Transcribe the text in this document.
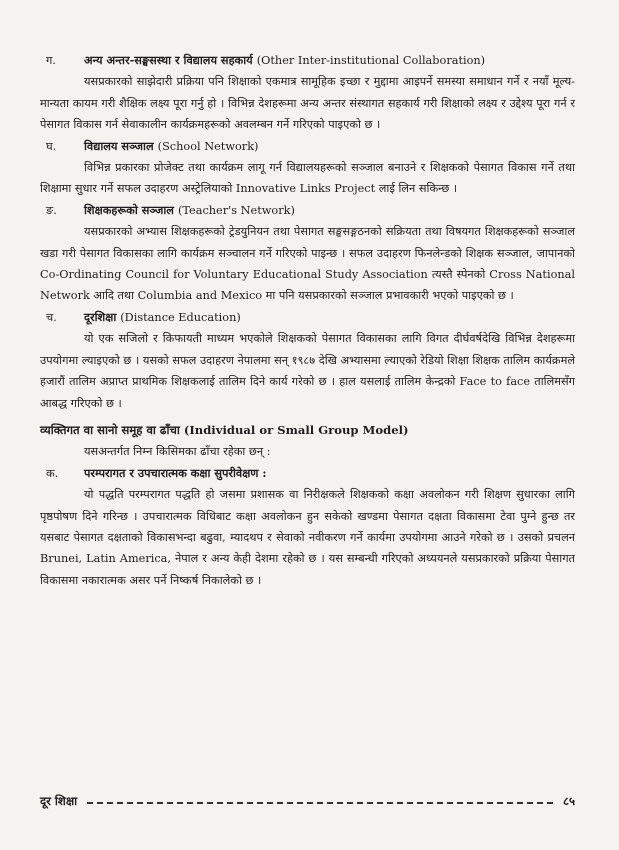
ग.	अन्य अन्तर-सङ्घसस्था र विद्यालय सहकार्य (Other Inter-institutional Collaboration)

यसप्रकारको साझेदारी प्रक्रिया पनि शिक्षाको एकमात्र सामूहिक इच्छा र मुद्दामा आइपर्ने समस्या समाधान गर्ने र नयाँ मूल्य-मान्यता कायम गरी शैक्षिक लक्ष्य पूरा गर्नु हो । विभिन्न देशहरूमा अन्य अन्तर संस्थागत सहकार्य गरी शिक्षाको लक्ष्य र उद्देश्य पूरा गर्न र पेसागत विकास गर्न सेवाकालीन कार्यक्रमहरूको अवलम्बन गर्ने गरिएको पाइएको छ ।

घ.	विद्यालय सञ्जाल (School Network)

विभिन्न प्रकारका प्रोजेक्ट तथा कार्यक्रम लागू गर्न विद्यालयहरूको सञ्जाल बनाउने र शिक्षकको पेसागत विकास गर्ने तथा शिक्षामा सुधार गर्ने सफल उदाहरण अस्ट्रेलियाको Innovative Links Project लाई लिन सकिन्छ ।

ङ.	शिक्षकहरूको सञ्जाल (Teacher's Network)

यसप्रकारको अभ्यास शिक्षकहरूको ट्रेडयुनियन तथा पेसागत सङ्घसङ्गठनको सक्रियता तथा विषयगत शिक्षकहरूको सञ्जाल खडा गरी पेसागत विकासका लागि कार्यक्रम सञ्चालन गर्ने गरिएको पाइन्छ । सफल उदाहरण फिनलेन्डको शिक्षक सञ्जाल, जापानको Co-Ordinating Council for Voluntary Educational Study Association त्यस्तै स्पेनको Cross National Network आदि तथा Columbia and Mexico मा पनि यसप्रकारको सञ्जाल प्रभावकारी भएको पाइएको छ ।

च.	दूरशिक्षा (Distance Education)

यो एक सजिलो र किफायती माध्यम भएकोले शिक्षकको पेसागत विकासका लागि विगत दीर्घवर्षदेखि विभिन्न देशहरूमा उपयोगमा ल्याइएको छ । यसको सफल उदाहरण नेपालमा सन् १९८७ देखि अभ्यासमा ल्याएको रेडियो शिक्षा शिक्षक तालिम कार्यक्रमले हजारौं तालिम अप्राप्त प्राथमिक शिक्षकलाई तालिम दिने कार्य गरेको छ । हाल यसलाई तालिम केन्द्रको Face to face तालिमसँग आबद्ध गरिएको छ ।

व्यक्तिगत वा सानो समूह वा ढाँचा (Individual or Small Group Model)

यसअन्तर्गत निम्न किसिमका ढाँचा रहेका छन् :

क.	परम्परागत र उपचारात्मक कक्षा सुपरीवेक्षण :

यो पद्धति परम्परागत पद्धति हो जसमा प्रशासक वा निरीक्षकले शिक्षकको कक्षा अवलोकन गरी शिक्षण सुधारका लागि पृष्ठपोषण दिने गरिन्छ । उपचारात्मक विधिबाट कक्षा अवलोकन हुन सकेको खण्डमा पेसागत दक्षता विकासमा टेवा पुग्ने हुन्छ तर यसबाट पेसागत दक्षताको विकासभन्दा बढुवा, म्यादथप र सेवाको नवीकरण गर्ने कार्यमा उपयोगमा आउने गरेको छ । उसको प्रचलन Brunei, Latin America, नेपाल र अन्य केही देशमा रहेको छ । यस सम्बन्धी गरिएको अध्ययनले यसप्रकारको प्रक्रिया पेसागत विकासमा नकारात्मक असर पर्ने निष्कर्ष निकालेको छ ।

दूर शिक्षा	८५
